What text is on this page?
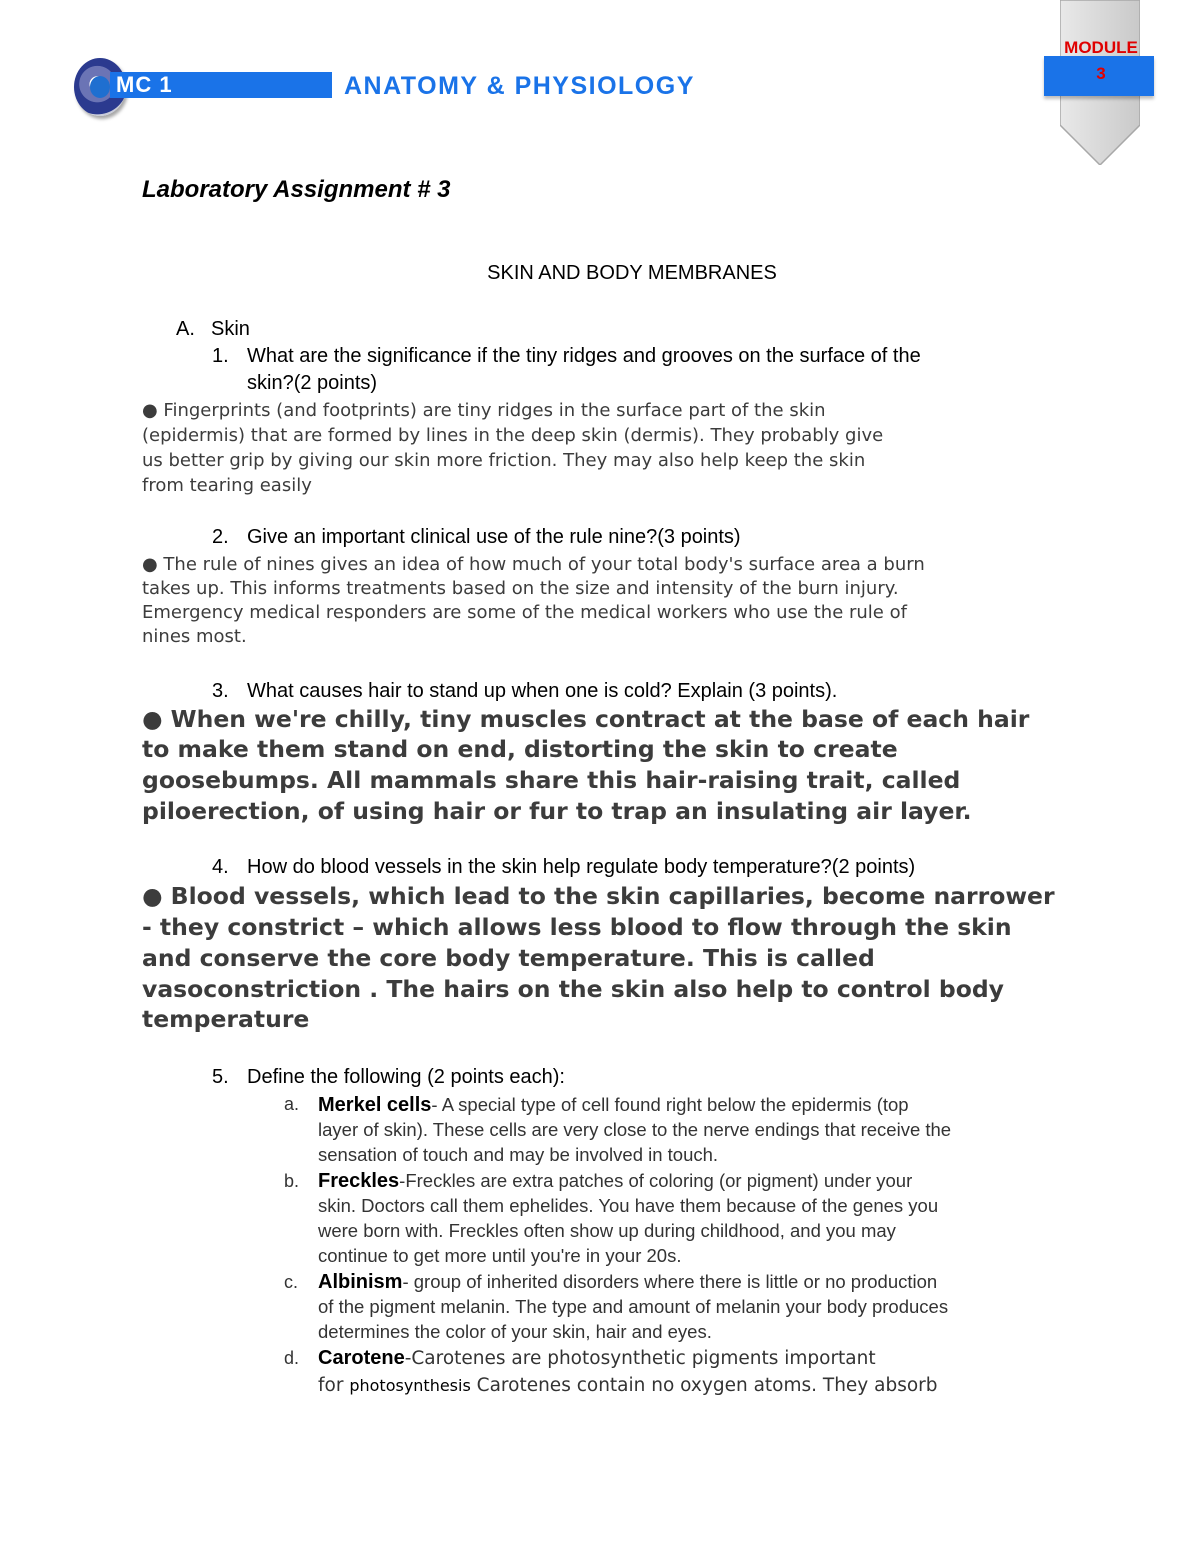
MC 1	ANATOMY & PHYSIOLOGY
MODULE
3
Laboratory Assignment # 3
SKIN AND BODY MEMBRANES
A. Skin
1. What are the significance if the tiny ridges and grooves on the surface of the
skin?(2 points)
● Fingerprints (and footprints) are tiny ridges in the surface part of the skin
(epidermis) that are formed by lines in the deep skin (dermis). They probably give
us better grip by giving our skin more friction. They may also help keep the skin
from tearing easily
2. Give an important clinical use of the rule nine?(3 points)
● The rule of nines gives an idea of how much of your total body's surface area a burn
takes up. This informs treatments based on the size and intensity of the burn injury.
Emergency medical responders are some of the medical workers who use the rule of
nines most.
3. What causes hair to stand up when one is cold? Explain (3 points).
● When we're chilly, tiny muscles contract at the base of each hair
to make them stand on end, distorting the skin to create
goosebumps. All mammals share this hair-raising trait, called
piloerection, of using hair or fur to trap an insulating air layer.
4. How do blood vessels in the skin help regulate body temperature?(2 points)
● Blood vessels, which lead to the skin capillaries, become narrower
- they constrict – which allows less blood to flow through the skin
and conserve the core body temperature. This is called
vasoconstriction . The hairs on the skin also help to control body
temperature
5. Define the following (2 points each):
a. Merkel cells- A special type of cell found right below the epidermis (top
layer of skin). These cells are very close to the nerve endings that receive the
sensation of touch and may be involved in touch.
b. Freckles-Freckles are extra patches of coloring (or pigment) under your
skin. Doctors call them ephelides. You have them because of the genes you
were born with. Freckles often show up during childhood, and you may
continue to get more until you're in your 20s.
c. Albinism- group of inherited disorders where there is little or no production
of the pigment melanin. The type and amount of melanin your body produces
determines the color of your skin, hair and eyes.
d. Carotene-Carotenes are photosynthetic pigments important
for photosynthesis Carotenes contain no oxygen atoms. They absorb
